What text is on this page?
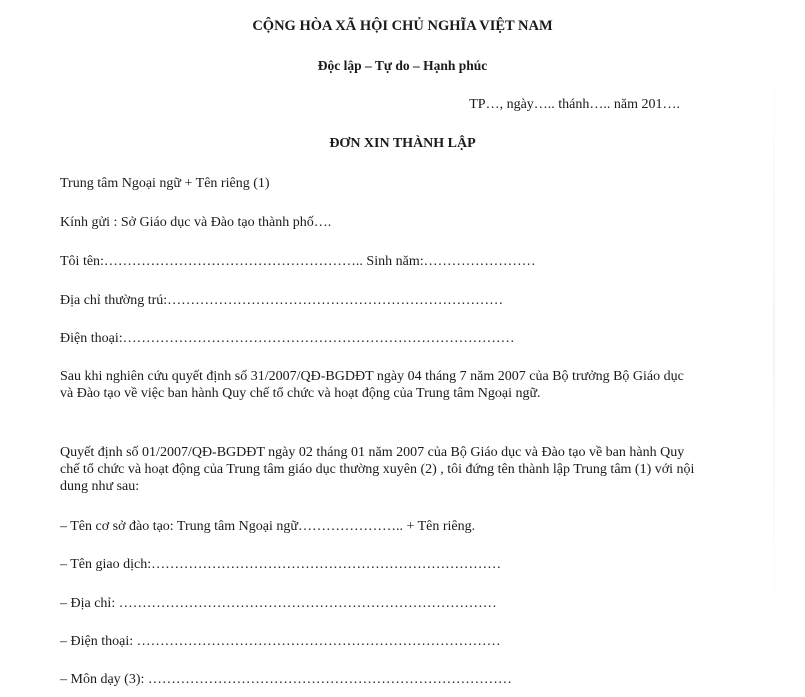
CỘNG HÒA XÃ HỘI CHỦ NGHĨA VIỆT NAM
Độc lập – Tự do – Hạnh phúc
TP…, ngày….. thánh….. năm 201….
ĐƠN XIN THÀNH LẬP
Trung tâm Ngoại ngữ + Tên riêng (1)
Kính gửi : Sở Giáo dục và Đào tạo thành phố….
Tôi tên:……………………………………………….. Sinh năm:……………………
Địa chỉ thường trú:………………………………………………………………
Điện thoại:…………………………………………………………………………
Sau khi nghiên cứu quyết định số 31/2007/QĐ-BGDĐT ngày 04 tháng 7 năm 2007 của Bộ trưởng Bộ Giáo dục và Đào tạo về việc ban hành Quy chế tổ chức và hoạt động của Trung tâm Ngoại ngữ.
Quyết định số 01/2007/QĐ-BGDĐT ngày 02 tháng 01 năm 2007 của Bộ Giáo dục và Đào tạo về ban hành Quy chế tổ chức và hoạt động của Trung tâm giáo dục thường xuyên (2) , tôi đứng tên thành lập Trung tâm (1) với nội dung như sau:
– Tên cơ sở đào tạo: Trung tâm Ngoại ngữ………………….. + Tên riêng.
– Tên giao dịch:…………………………………………………………………
– Địa chỉ: ………………………………………………………………………
– Điện thoại: ……………………………………………………………………
– Môn dạy (3): ……………………………………………………………………
